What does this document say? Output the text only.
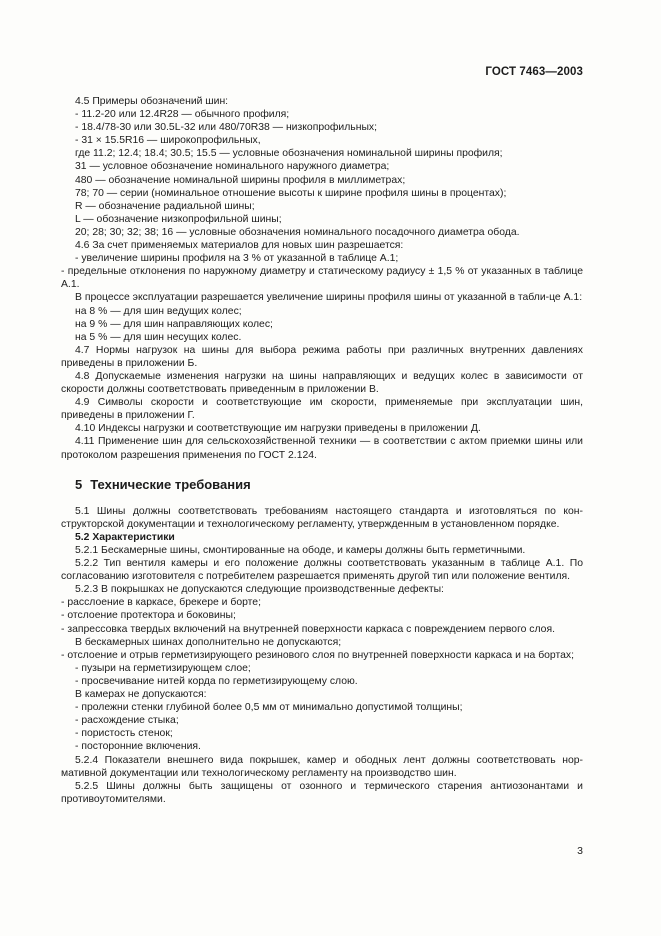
ГОСТ 7463—2003

4.5 Примеры обозначений шин:

- 11.2-20 или 12.4R28 — обычного профиля;

- 18.4/78-30 или 30.5L-32 или 480/70R38 — низкопрофильных;

- 31 × 15.5R16 — широкопрофильных,

где 11.2; 12.4; 18.4; 30.5; 15.5 — условные обозначения номинальной ширины профиля;

31 — условное обозначение номинального наружного диаметра;

480 — обозначение номинальной ширины профиля в миллиметрах;

78; 70 — серии (номинальное отношение высоты к ширине профиля шины в процентах);

R — обозначение радиальной шины;

L — обозначение низкопрофильной шины;

20; 28; 30; 32; 38; 16 — условные обозначения номинального посадочного диаметра обода.

4.6 За счет применяемых материалов для новых шин разрешается:

- увеличение ширины профиля на 3 % от указанной в таблице А.1;

- предельные отклонения по наружному диаметру и статическому радиусу ± 1,5 % от указанных в таблице А.1.

В процессе эксплуатации разрешается увеличение ширины профиля шины от указанной в табли-це А.1:

на 8 % — для шин ведущих колес;

на 9 % — для шин направляющих колес;

на 5 % — для шин несущих колес.

4.7 Нормы нагрузок на шины для выбора режима работы при различных внутренних давлениях приведены в приложении Б.

4.8 Допускаемые изменения нагрузки на шины направляющих и ведущих колес в зависимости от скорости должны соответствовать приведенным в приложении В.

4.9 Символы скорости и соответствующие им скорости, применяемые при эксплуатации шин, приведены в приложении Г.

4.10 Индексы нагрузки и соответствующие им нагрузки приведены в приложении Д.

4.11 Применение шин для сельскохозяйственной техники — в соответствии с актом приемки шины или протоколом разрешения применения по ГОСТ 2.124.

5 Технические требования

5.1 Шины должны соответствовать требованиям настоящего стандарта и изготовляться по кон-структорской документации и технологическому регламенту, утвержденным в установленном порядке.

5.2 Характеристики

5.2.1 Бескамерные шины, смонтированные на ободе, и камеры должны быть герметичными.

5.2.2 Тип вентиля камеры и его положение должны соответствовать указанным в таблице А.1. По согласованию изготовителя с потребителем разрешается применять другой тип или положение вентиля.

5.2.3 В покрышках не допускаются следующие производственные дефекты:

- расслоение в каркасе, брекере и борте;

- отслоение протектора и боковины;

- запрессовка твердых включений на внутренней поверхности каркаса с повреждением первого слоя.

В бескамерных шинах дополнительно не допускаются;

- отслоение и отрыв герметизирующего резинового слоя по внутренней поверхности каркаса и на бортах;

- пузыри на герметизирующем слое;

- просвечивание нитей корда по герметизирующему слою.

В камерах не допускаются:

- пролежни стенки глубиной более 0,5 мм от минимально допустимой толщины;

- расхождение стыка;

- пористость стенок;

- посторонние включения.

5.2.4 Показатели внешнего вида покрышек, камер и ободных лент должны соответствовать нор-мативной документации или технологическому регламенту на производство шин.

5.2.5 Шины должны быть защищены от озонного и термического старения антиозонантами и противоутомителями.

3
